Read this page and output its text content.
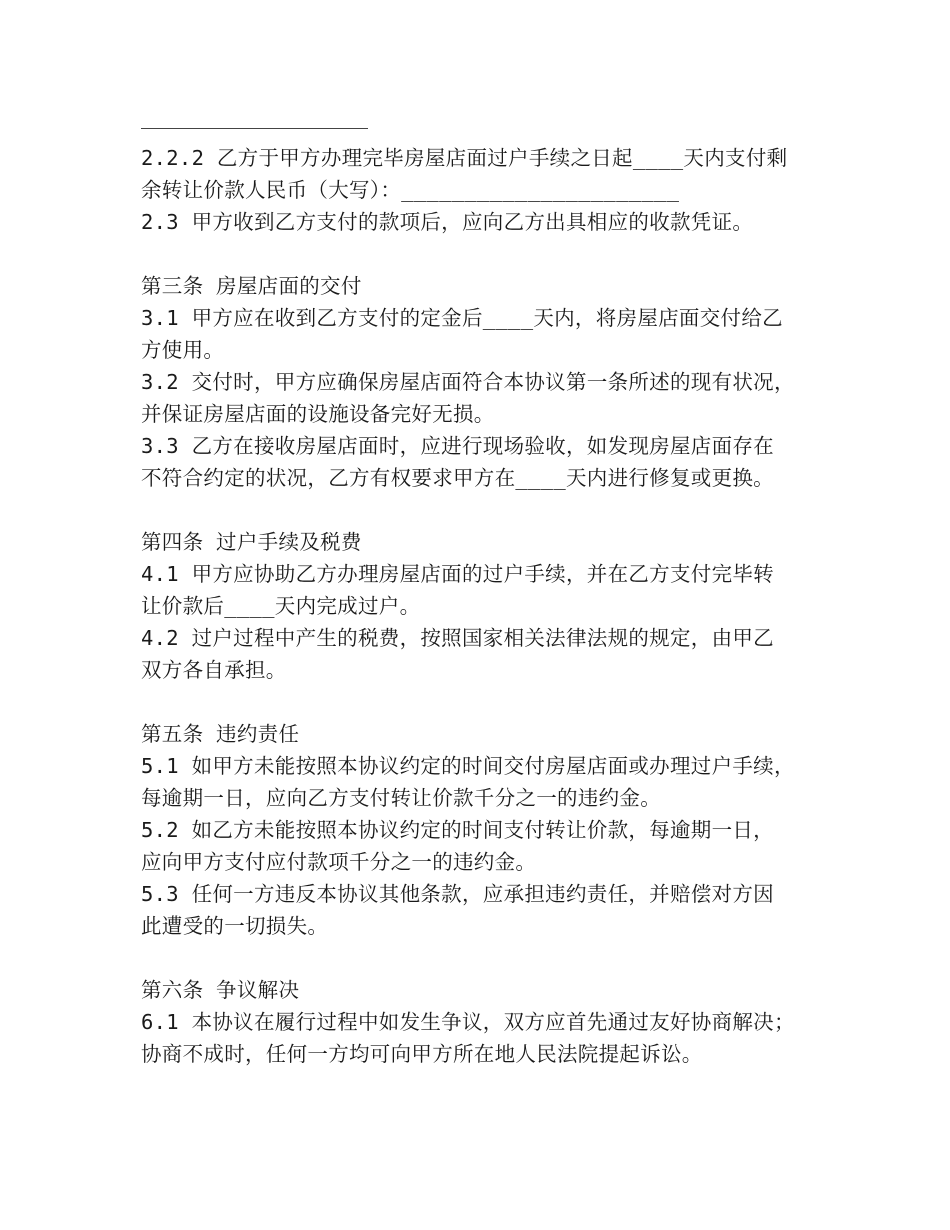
2.2.2 乙方于甲方办理完毕房屋店面过户手续之日起____天内支付剩
余转让价款人民币（大写）：______________________
2.3 甲方收到乙方支付的款项后，应向乙方出具相应的收款凭证。
第三条 房屋店面的交付
3.1 甲方应在收到乙方支付的定金后____天内，将房屋店面交付给乙
方使用。
3.2 交付时，甲方应确保房屋店面符合本协议第一条所述的现有状况，
并保证房屋店面的设施设备完好无损。
3.3 乙方在接收房屋店面时，应进行现场验收，如发现房屋店面存在
不符合约定的状况，乙方有权要求甲方在____天内进行修复或更换。
第四条 过户手续及税费
4.1 甲方应协助乙方办理房屋店面的过户手续，并在乙方支付完毕转
让价款后____天内完成过户。
4.2 过户过程中产生的税费，按照国家相关法律法规的规定，由甲乙
双方各自承担。
第五条 违约责任
5.1 如甲方未能按照本协议约定的时间交付房屋店面或办理过户手续，
每逾期一日，应向乙方支付转让价款千分之一的违约金。
5.2 如乙方未能按照本协议约定的时间支付转让价款，每逾期一日，
应向甲方支付应付款项千分之一的违约金。
5.3 任何一方违反本协议其他条款，应承担违约责任，并赔偿对方因
此遭受的一切损失。
第六条 争议解决
6.1 本协议在履行过程中如发生争议，双方应首先通过友好协商解决；
协商不成时，任何一方均可向甲方所在地人民法院提起诉讼。
